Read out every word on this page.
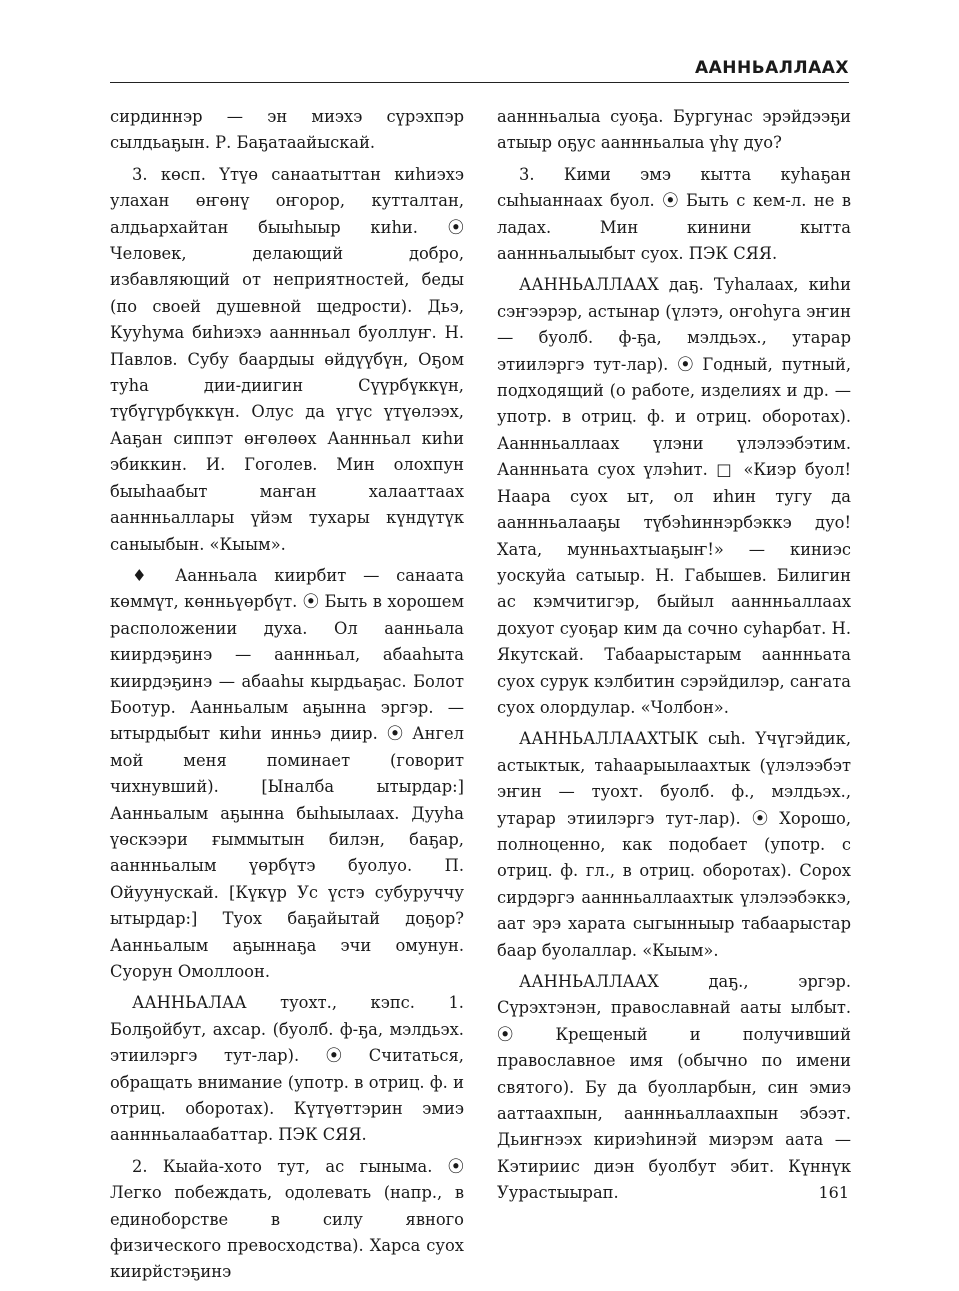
ААННЬАЛЛААХ

сирдиннэр — эн миэхэ сүрэхпэр сылдьаҕын. Р. Баҕатаайыскай.

3. көсп. Үтүө санаатыттан киһиэхэ улахан өҥөнү оҥорор, кутталтан, алдьархайтан быыһыыр киһи. ⦿ Человек, делающий добро, избавляющий от неприятностей, беды (по своей душевной щедрости). Дьэ, Кууһума биһиэхэ ааннньал буоллуҥ. Н. Павлов. Субу баардыы өйдүүбүн, Оҕом туһа дии-диигин Сүүрбүккүн, түбүгүрбүккүн. Олус да үгүс үтүөлээх, Ааҕан сиппэт өҥөлөөх Ааннньал киһи эбиккин. И. Гоголев. Мин олохпун быыһаабыт маҥан халааттаах ааннньаллары үйэм тухары күндүтүк саныыбын. «Кыым».

♦ Аанньала киирбит — санаата көммүт, көнньүөрбүт. ⦿ Быть в хорошем расположении духа. Ол аанньала киирдэҕинэ — ааннньал, абааһыта киирдэҕинэ — абааһы кырдьаҕас. Болот Боотур. Аанньалым аҕынна эргэр. — ытырдыбыт киһи инньэ диир. ⦿ Ангел мой меня поминает (говорит чихнувший). [Ыналба ытырдар:] Аанньалым аҕынна быһыылаах. Дууһа үөскээри ғыммытын билэн, баҕар, ааннньалым үөрбүтэ буолуо. П. Ойуунускай. [Күкүр Ус үстэ субуруччу ытырдар:] Туох баҕайытай доҕор? Аанньалым аҕыннаҕа эчи омунун. Суорун Омоллоон.

ААННЬАЛАА туохт., кэпс. 1. Болҕойбут, ахсар. (буолб. ф-ҕа, мэлдьэх. этиилэргэ тут-лар). ⦿ Считаться, обращать внимание (употр. в отриц. ф. и отриц. оборотах). Күтүөттэрин эмиэ ааннньалаабаттар. ПЭК СЯЯ.

2. Кыайа-хото тут, ас гыныма. ⦿ Легко побеждать, одолевать (напр., в единоборстве в силу явного физического превосходства). Харса суох киирйстэҕинэ

ааннньалыа суоҕа. Бургунас эрэйдээҕи атыыр оҕус ааннньалыа үһү дуо?

3. Кими эмэ кытта куһаҕан сыһыаннаах буол. ⦿ Быть с кем-л. не в ладах. Мин кинини кытта ааннньалыыбыт суох. ПЭК СЯЯ.

ААННЬАЛЛААХ даҕ. Туһалаах, киһи сэҥээрэр, астынар (үлэтэ, оҥоһуга эҥин — буолб. ф-ҕа, мэлдьэх., утарар этиилэргэ тут-лар). ⦿ Годный, путный, подходящий (о работе, изделиях и др. — употр. в отриц. ф. и отриц. оборотах). Ааннньаллаах үлэни үлэлээбэтим. Ааннньата суох үлэһит. □ «Киэр буол! Наара суох ыт, ол иһин тугу да ааннньалааҕы түбэһиннэрбэккэ дуо! Хата, мунньахтыаҕыҥ!» — киниэс уоскуйа сатыыр. Н. Габышев. Билигин ас кэмчитигэр, быйыл ааннньаллаах дохуот суоҕар ким да сочно суһарбат. Н. Якутскай. Табаарыстарым ааннньата суох сурук кэлбитин сэрэйдилэр, саҥата суох олордулар. «Чолбон».

ААННЬАЛЛААХТЫК сыһ. Үчүгэйдик, астыктык, таһаарыылаахтык (үлэлээбэт эҥин — туохт. буолб. ф., мэлдьэх., утарар этиилэргэ тут-лар). ⦿ Хорошо, полноценно, как подобает (употр. с отриц. ф. гл., в отриц. оборотах). Сорох сирдэргэ ааннньаллаахтык үлэлээбэккэ, аат эрэ харата сыгынныыр табаарыстар баар буолаллар. «Кыым».

ААННЬАЛЛААХ даҕ., эргэр. Сүрэхтэнэн, православнай ааты ылбыт. ⦿ Крещеный и получивший православное имя (обычно по имени святого). Бу да буолларбын, син эмиэ ааттаахпын, ааннньаллаахпын эбээт. Дьиҥнээх кириэһинэй миэрэм аата — Кэтириис диэн буолбут эбит. Күннүк Уурастыырап.	161
